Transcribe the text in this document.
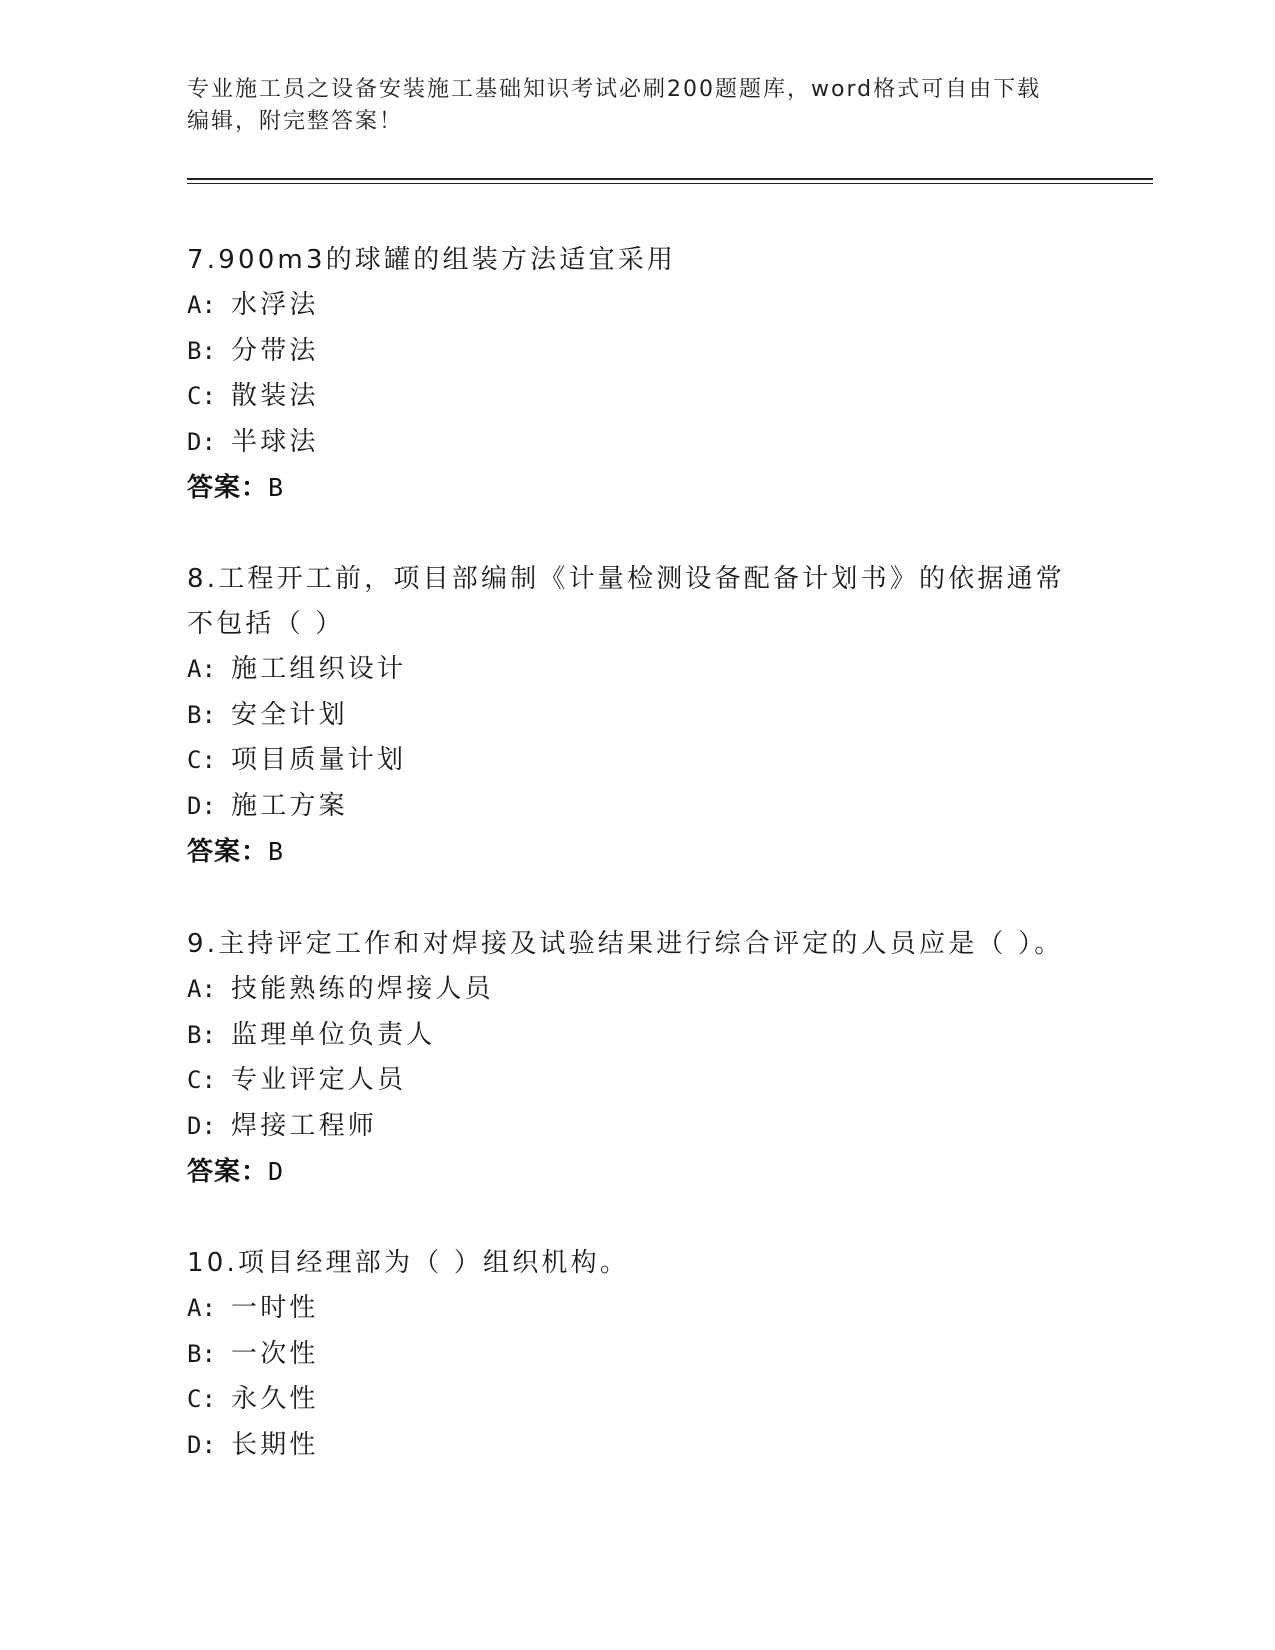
专业施工员之设备安装施工基础知识考试必刷200题题库，word格式可自由下载
编辑，附完整答案！

7.900m3的球罐的组装方法适宜采用

A: 水浮法
B: 分带法
C: 散装法
D: 半球法
答案：B

8.工程开工前，项目部编制《计量检测设备配备计划书》的依据通常
不包括（ ）

A: 施工组织设计
B: 安全计划
C: 项目质量计划
D: 施工方案
答案：B

9.主持评定工作和对焊接及试验结果进行综合评定的人员应是（ ）。

A: 技能熟练的焊接人员
B: 监理单位负责人
C: 专业评定人员
D: 焊接工程师
答案：D

10.项目经理部为（ ）组织机构。

A: 一时性
B: 一次性
C: 永久性
D: 长期性
